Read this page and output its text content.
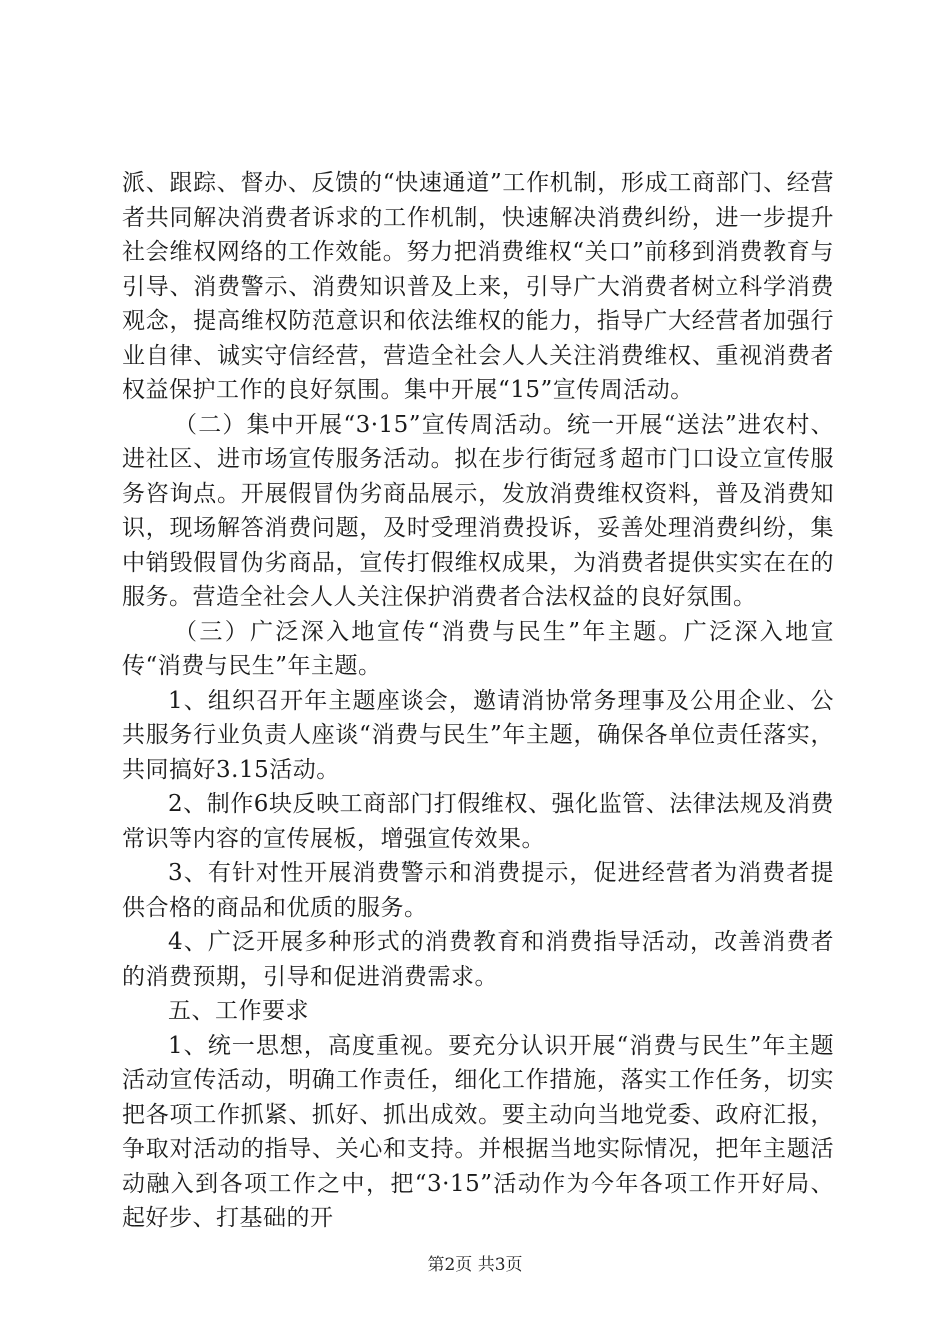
派、跟踪、督办、反馈的“快速通道”工作机制，形成工商部门、经营者共同解决消费者诉求的工作机制，快速解决消费纠纷，进一步提升社会维权网络的工作效能。努力把消费维权“关口”前移到消费教育与引导、消费警示、消费知识普及上来，引导广大消费者树立科学消费观念，提高维权防范意识和依法维权的能力，指导广大经营者加强行业自律、诚实守信经营，营造全社会人人关注消费维权、重视消费者权益保护工作的良好氛围。集中开展“15”宣传周活动。

（二）集中开展“3·15”宣传周活动。统一开展“送法”进农村、进社区、进市场宣传服务活动。拟在步行街冠豸超市门口设立宣传服务咨询点。开展假冒伪劣商品展示，发放消费维权资料，普及消费知识，现场解答消费问题，及时受理消费投诉，妥善处理消费纠纷，集中销毁假冒伪劣商品，宣传打假维权成果，为消费者提供实实在在的服务。营造全社会人人关注保护消费者合法权益的良好氛围。

（三）广泛深入地宣传“消费与民生”年主题。广泛深入地宣传“消费与民生”年主题。

1、组织召开年主题座谈会，邀请消协常务理事及公用企业、公共服务行业负责人座谈“消费与民生”年主题，确保各单位责任落实，共同搞好3.15活动。

2、制作6块反映工商部门打假维权、强化监管、法律法规及消费常识等内容的宣传展板，增强宣传效果。

3、有针对性开展消费警示和消费提示，促进经营者为消费者提供合格的商品和优质的服务。

4、广泛开展多种形式的消费教育和消费指导活动，改善消费者的消费预期，引导和促进消费需求。

五、工作要求

1、统一思想，高度重视。要充分认识开展“消费与民生”年主题活动宣传活动，明确工作责任，细化工作措施，落实工作任务，切实把各项工作抓紧、抓好、抓出成效。要主动向当地党委、政府汇报，争取对活动的指导、关心和支持。并根据当地实际情况，把年主题活动融入到各项工作之中，把“3·15”活动作为今年各项工作开好局、起好步、打基础的开

第2页 共3页
